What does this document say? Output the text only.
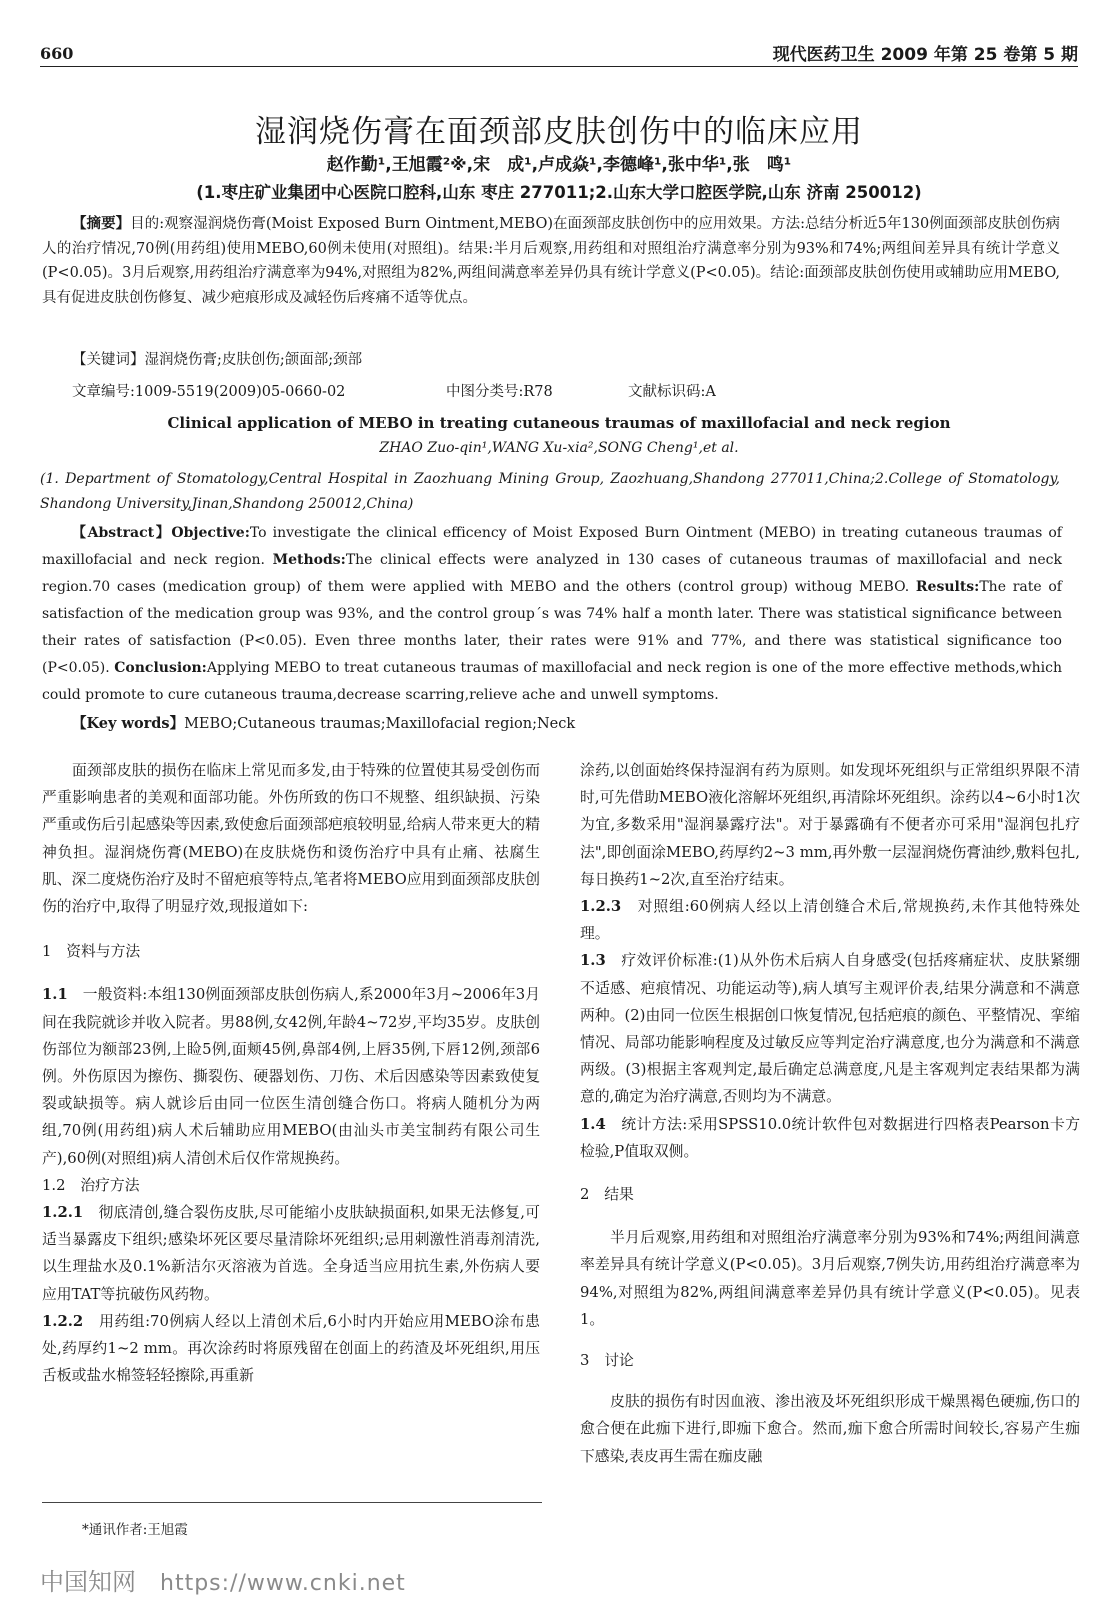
660	现代医药卫生 2009 年第 25 卷第 5 期
湿润烧伤膏在面颈部皮肤创伤中的临床应用
赵作勤¹,王旭霞²※,宋　成¹,卢成焱¹,李德峰¹,张中华¹,张　鸣¹
(1.枣庄矿业集团中心医院口腔科,山东 枣庄 277011;2.山东大学口腔医学院,山东 济南 250012)
【摘要】目的:观察湿润烧伤膏(Moist Exposed Burn Ointment,MEBO)在面颈部皮肤创伤中的应用效果。方法:总结分析近5年130例面颈部皮肤创伤病人的治疗情况,70例(用药组)使用MEBO,60例未使用(对照组)。结果:半月后观察,用药组和对照组治疗满意率分别为93%和74%;两组间差异具有统计学意义(P<0.05)。3月后观察,用药组治疗满意率为94%,对照组为82%,两组间满意率差异仍具有统计学意义(P<0.05)。结论:面颈部皮肤创伤使用或辅助应用MEBO,具有促进皮肤创伤修复、减少疤痕形成及减轻伤后疼痛不适等优点。
【关键词】湿润烧伤膏;皮肤创伤;颌面部;颈部
文章编号:1009-5519(2009)05-0660-02	中图分类号:R78	文献标识码:A
Clinical application of MEBO in treating cutaneous traumas of maxillofacial and neck region
ZHAO Zuo-qin¹,WANG Xu-xia²,SONG Cheng¹,et al.
(1. Department of Stomatology,Central Hospital in Zaozhuang Mining Group, Zaozhuang,Shandong 277011,China;2.College of Stomatology, Shandong University,Jinan,Shandong 250012,China)
【Abstract】Objective:To investigate the clinical efficency of Moist Exposed Burn Ointment (MEBO) in treating cutaneous traumas of maxillofacial and neck region. Methods:The clinical effects were analyzed in 130 cases of cutaneous traumas of maxillofacial and neck region.70 cases (medication group) of them were applied with MEBO and the others (control group) withoug MEBO. Results:The rate of satisfaction of the medication group was 93%, and the control group´s was 74% half a month later. There was statistical significance between their rates of satisfaction (P<0.05). Even three months later, their rates were 91% and 77%, and there was statistical significance too (P<0.05). Conclusion:Applying MEBO to treat cutaneous traumas of maxillofacial and neck region is one of the more effective methods,which could promote to cure cutaneous trauma,decrease scarring,relieve ache and unwell symptoms.
【Key words】MEBO;Cutaneous traumas;Maxillofacial region;Neck

面颈部皮肤的损伤在临床上常见而多发,由于特殊的位置使其易受创伤而严重影响患者的美观和面部功能。外伤所致的伤口不规整、组织缺损、污染严重或伤后引起感染等因素,致使愈后面颈部疤痕较明显,给病人带来更大的精神负担。湿润烧伤膏(MEBO)在皮肤烧伤和烫伤治疗中具有止痛、祛腐生肌、深二度烧伤治疗及时不留疤痕等特点,笔者将MEBO应用到面颈部皮肤创伤的治疗中,取得了明显疗效,现报道如下:

1　资料与方法

1.1　一般资料:本组130例面颈部皮肤创伤病人,系2000年3月~2006年3月间在我院就诊并收入院者。男88例,女42例,年龄4~72岁,平均35岁。皮肤创伤部位为额部23例,上睑5例,面颊45例,鼻部4例,上唇35例,下唇12例,颈部6例。外伤原因为擦伤、撕裂伤、硬器划伤、刀伤、术后因感染等因素致使复裂或缺损等。病人就诊后由同一位医生清创缝合伤口。将病人随机分为两组,70例(用药组)病人术后辅助应用MEBO(由汕头市美宝制药有限公司生产),60例(对照组)病人清创术后仅作常规换药。

1.2　治疗方法

1.2.1　彻底清创,缝合裂伤皮肤,尽可能缩小皮肤缺损面积,如果无法修复,可适当暴露皮下组织;感染坏死区要尽量清除坏死组织;忌用刺激性消毒剂清洗,以生理盐水及0.1%新洁尔灭溶液为首选。全身适当应用抗生素,外伤病人要应用TAT等抗破伤风药物。

1.2.2　用药组:70例病人经以上清创术后,6小时内开始应用MEBO涂布患处,药厚约1~2 mm。再次涂药时将原残留在创面上的药渣及坏死组织,用压舌板或盐水棉签轻轻擦除,再重新

涂药,以创面始终保持湿润有药为原则。如发现坏死组织与正常组织界限不清时,可先借助MEBO液化溶解坏死组织,再清除坏死组织。涂药以4~6小时1次为宜,多数采用"湿润暴露疗法"。对于暴露确有不便者亦可采用"湿润包扎疗法",即创面涂MEBO,药厚约2~3 mm,再外敷一层湿润烧伤膏油纱,敷料包扎,每日换药1~2次,直至治疗结束。

1.2.3　对照组:60例病人经以上清创缝合术后,常规换药,未作其他特殊处理。

1.3　疗效评价标准:(1)从外伤术后病人自身感受(包括疼痛症状、皮肤紧绷不适感、疤痕情况、功能运动等),病人填写主观评价表,结果分满意和不满意两种。(2)由同一位医生根据创口恢复情况,包括疤痕的颜色、平整情况、挛缩情况、局部功能影响程度及过敏反应等判定治疗满意度,也分为满意和不满意两级。(3)根据主客观判定,最后确定总满意度,凡是主客观判定表结果都为满意的,确定为治疗满意,否则均为不满意。

1.4　统计方法:采用SPSS10.0统计软件包对数据进行四格表Pearson卡方检验,P值取双侧。

2　结果

半月后观察,用药组和对照组治疗满意率分别为93%和74%;两组间满意率差异具有统计学意义(P<0.05)。3月后观察,7例失访,用药组治疗满意率为94%,对照组为82%,两组间满意率差异仍具有统计学意义(P<0.05)。见表1。

3　讨论

皮肤的损伤有时因血液、渗出液及坏死组织形成干燥黑褐色硬痂,伤口的愈合便在此痂下进行,即痂下愈合。然而,痂下愈合所需时间较长,容易产生痂下感染,表皮再生需在痂皮融

*通讯作者:王旭霞
中国知网 https://www.cnki.net
